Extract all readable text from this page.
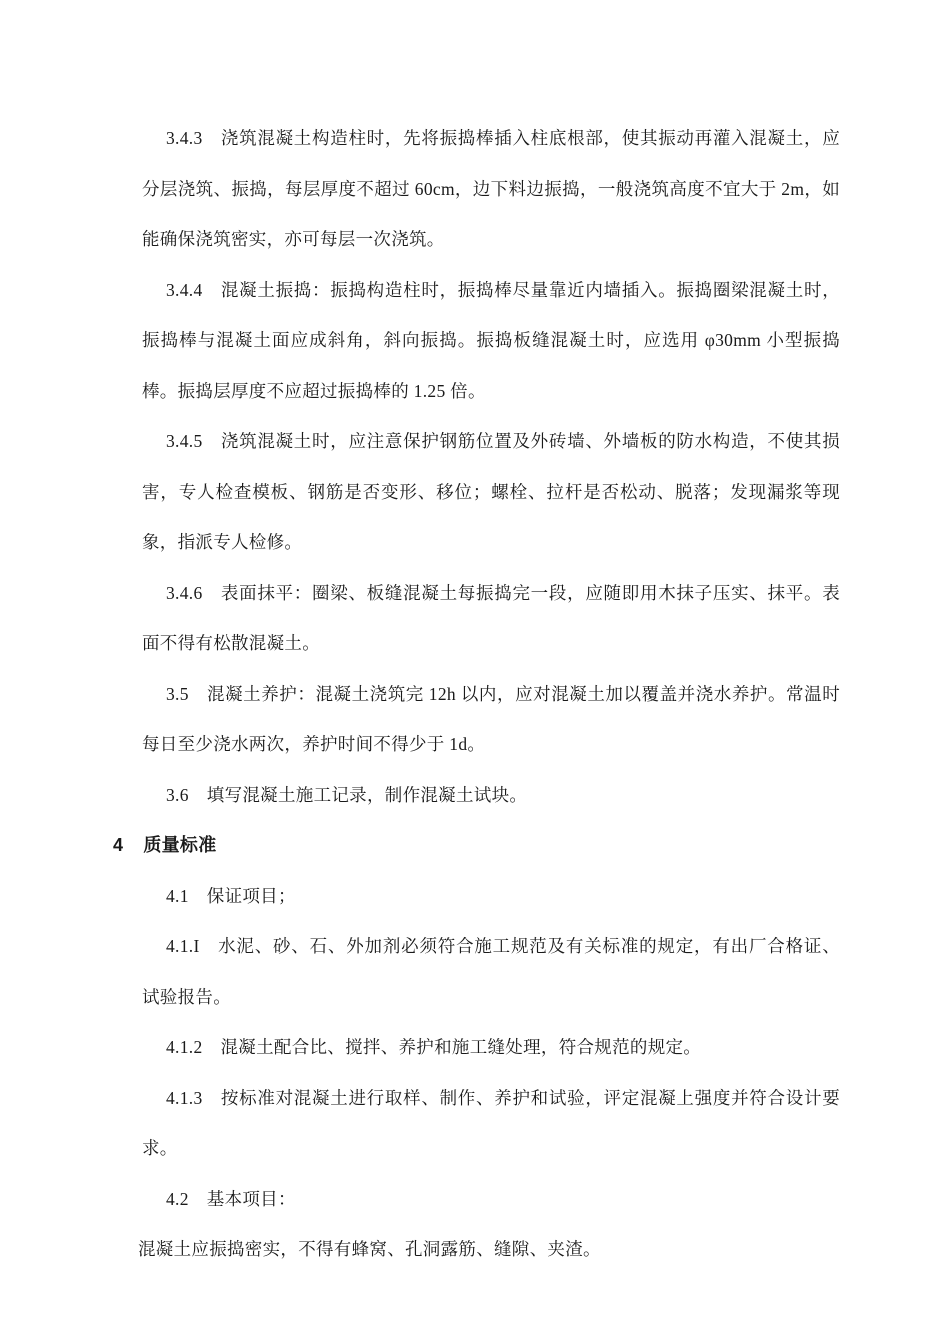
3.4.3 浇筑混凝土构造柱时，先将振捣棒插入柱底根部，使其振动再灌入混凝土，应分层浇筑、振捣，每层厚度不超过 60cm，边下料边振捣，一般浇筑高度不宜大于 2m，如能确保浇筑密实，亦可每层一次浇筑。

3.4.4 混凝土振捣：振捣构造柱时，振捣棒尽量靠近内墙插入。振捣圈梁混凝土时，振捣棒与混凝土面应成斜角，斜向振捣。振捣板缝混凝土时，应选用 φ30mm 小型振捣棒。振捣层厚度不应超过振捣棒的 1.25 倍。

3.4.5 浇筑混凝土时，应注意保护钢筋位置及外砖墙、外墙板的防水构造，不使其损害，专人检查模板、钢筋是否变形、移位；螺栓、拉杆是否松动、脱落；发现漏浆等现象，指派专人检修。

3.4.6 表面抹平：圈梁、板缝混凝土每振捣完一段，应随即用木抹子压实、抹平。表面不得有松散混凝土。

3.5 混凝土养护：混凝土浇筑完 12h 以内，应对混凝土加以覆盖并浇水养护。常温时每日至少浇水两次，养护时间不得少于 1d。

3.6 填写混凝土施工记录，制作混凝土试块。

4 质量标准

4.1 保证项目；

4.1.I 水泥、砂、石、外加剂必须符合施工规范及有关标准的规定，有出厂合格证、试验报告。

4.1.2 混凝土配合比、搅拌、养护和施工缝处理，符合规范的规定。

4.1.3 按标准对混凝土进行取样、制作、养护和试验，评定混凝上强度并符合设计要求。

4.2 基本项目：

混凝土应振捣密实，不得有蜂窝、孔洞露筋、缝隙、夹渣。
